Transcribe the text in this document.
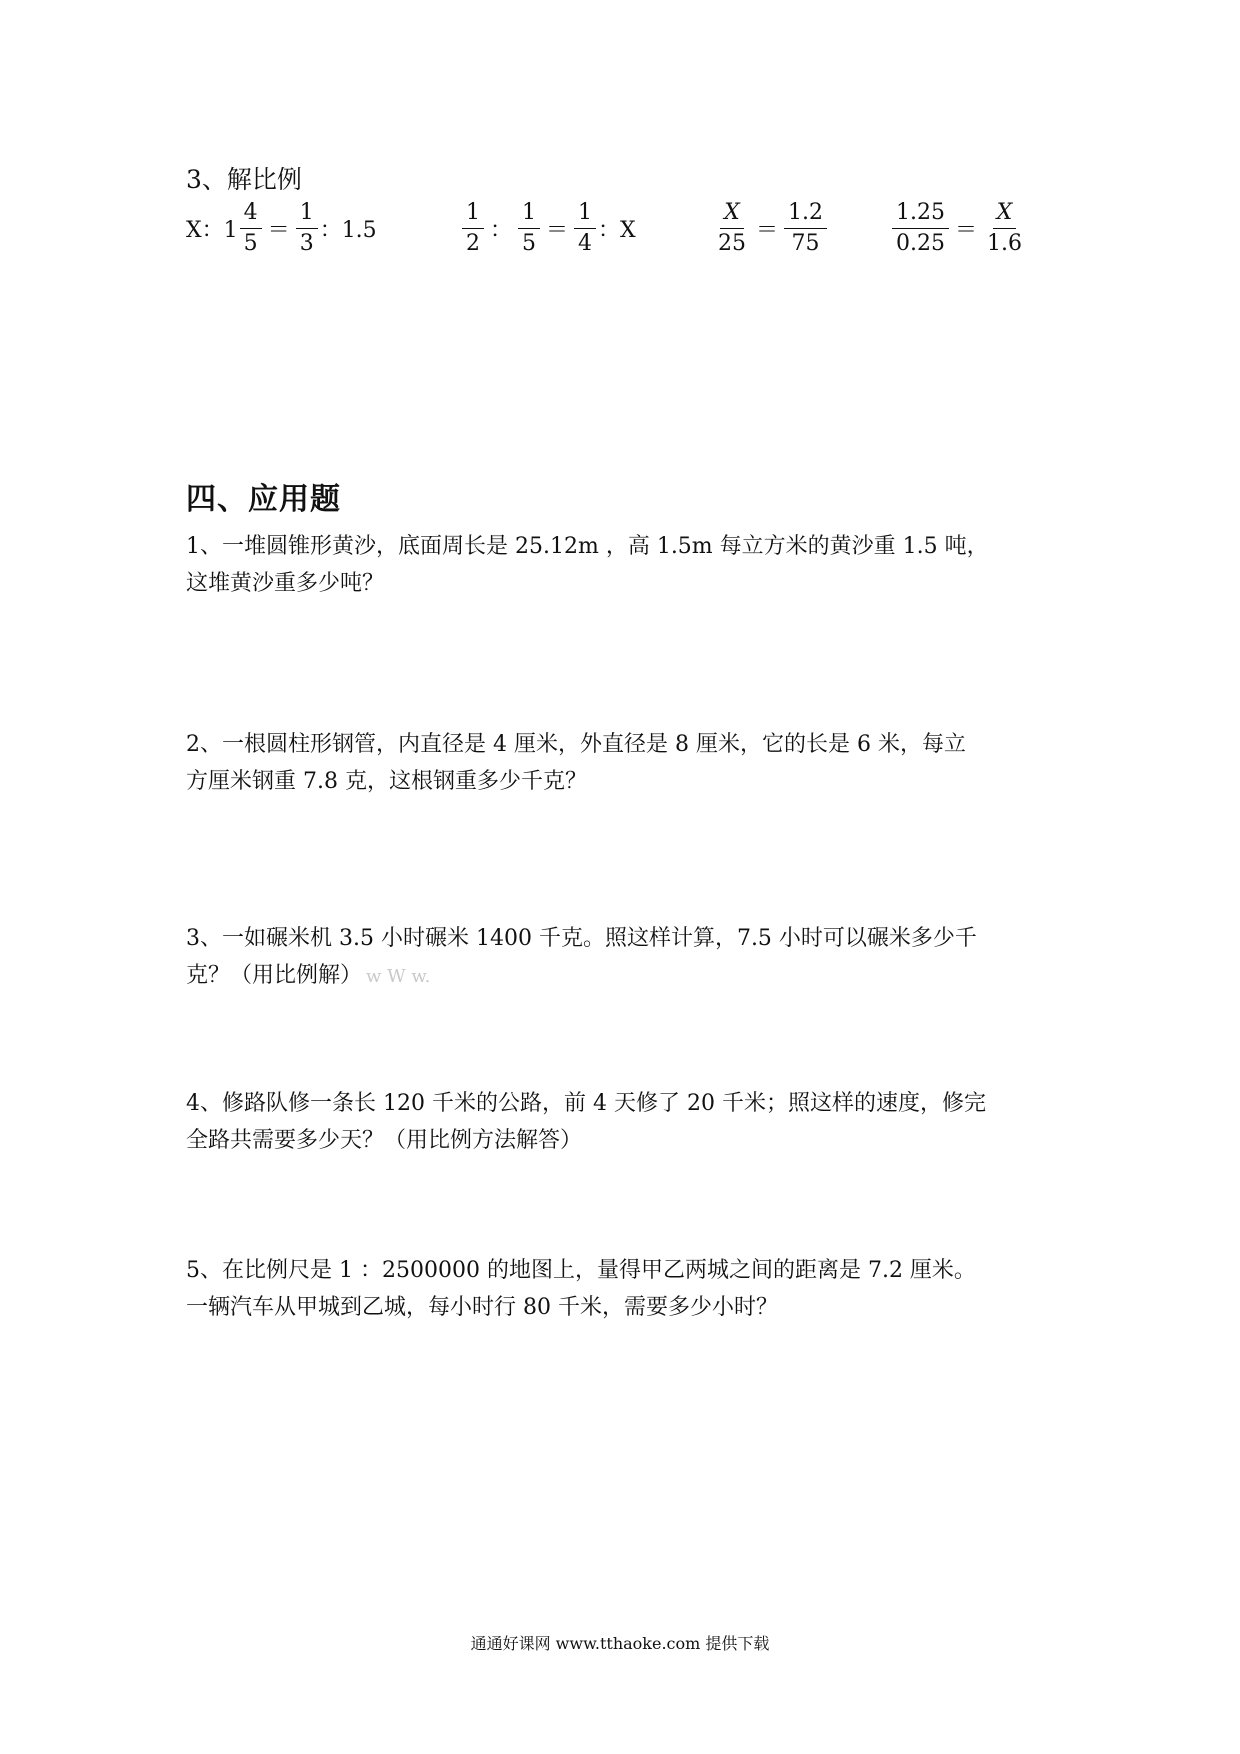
3、解比例
X：$1 \frac{4}{5} = \frac{1}{3}$ ：1.5	$\frac{1}{2}$ ： $\frac{1}{5} = \frac{1}{4}$ ：X	$\frac{X}{25} = \frac{1.2}{75}$	$\frac{1.25}{0.25} = \frac{X}{1.6}$
四、应用题
1、一堆圆锥形黄沙，底面周长是 25.12m ，高 1.5m 每立方米的黄沙重 1.5 吨，
这堆黄沙重多少吨？
2、一根圆柱形钢管，内直径是 4 厘米，外直径是 8 厘米，它的长是 6 米，每立
方厘米钢重 7.8 克，这根钢重多少千克？
3、一如碾米机 3.5 小时碾米 1400 千克。照这样计算，7.5 小时可以碾米多少千
克？（用比例解） w W w.
4、修路队修一条长 120 千米的公路，前 4 天修了 20 千米；照这样的速度，修完
全路共需要多少天？（用比例方法解答）
5、在比例尺是 1 ：2500000 的地图上，量得甲乙两城之间的距离是 7.2 厘米。
一辆汽车从甲城到乙城，每小时行 80 千米，需要多少小时？
通通好课网 www.tthaoke.com 提供下载
